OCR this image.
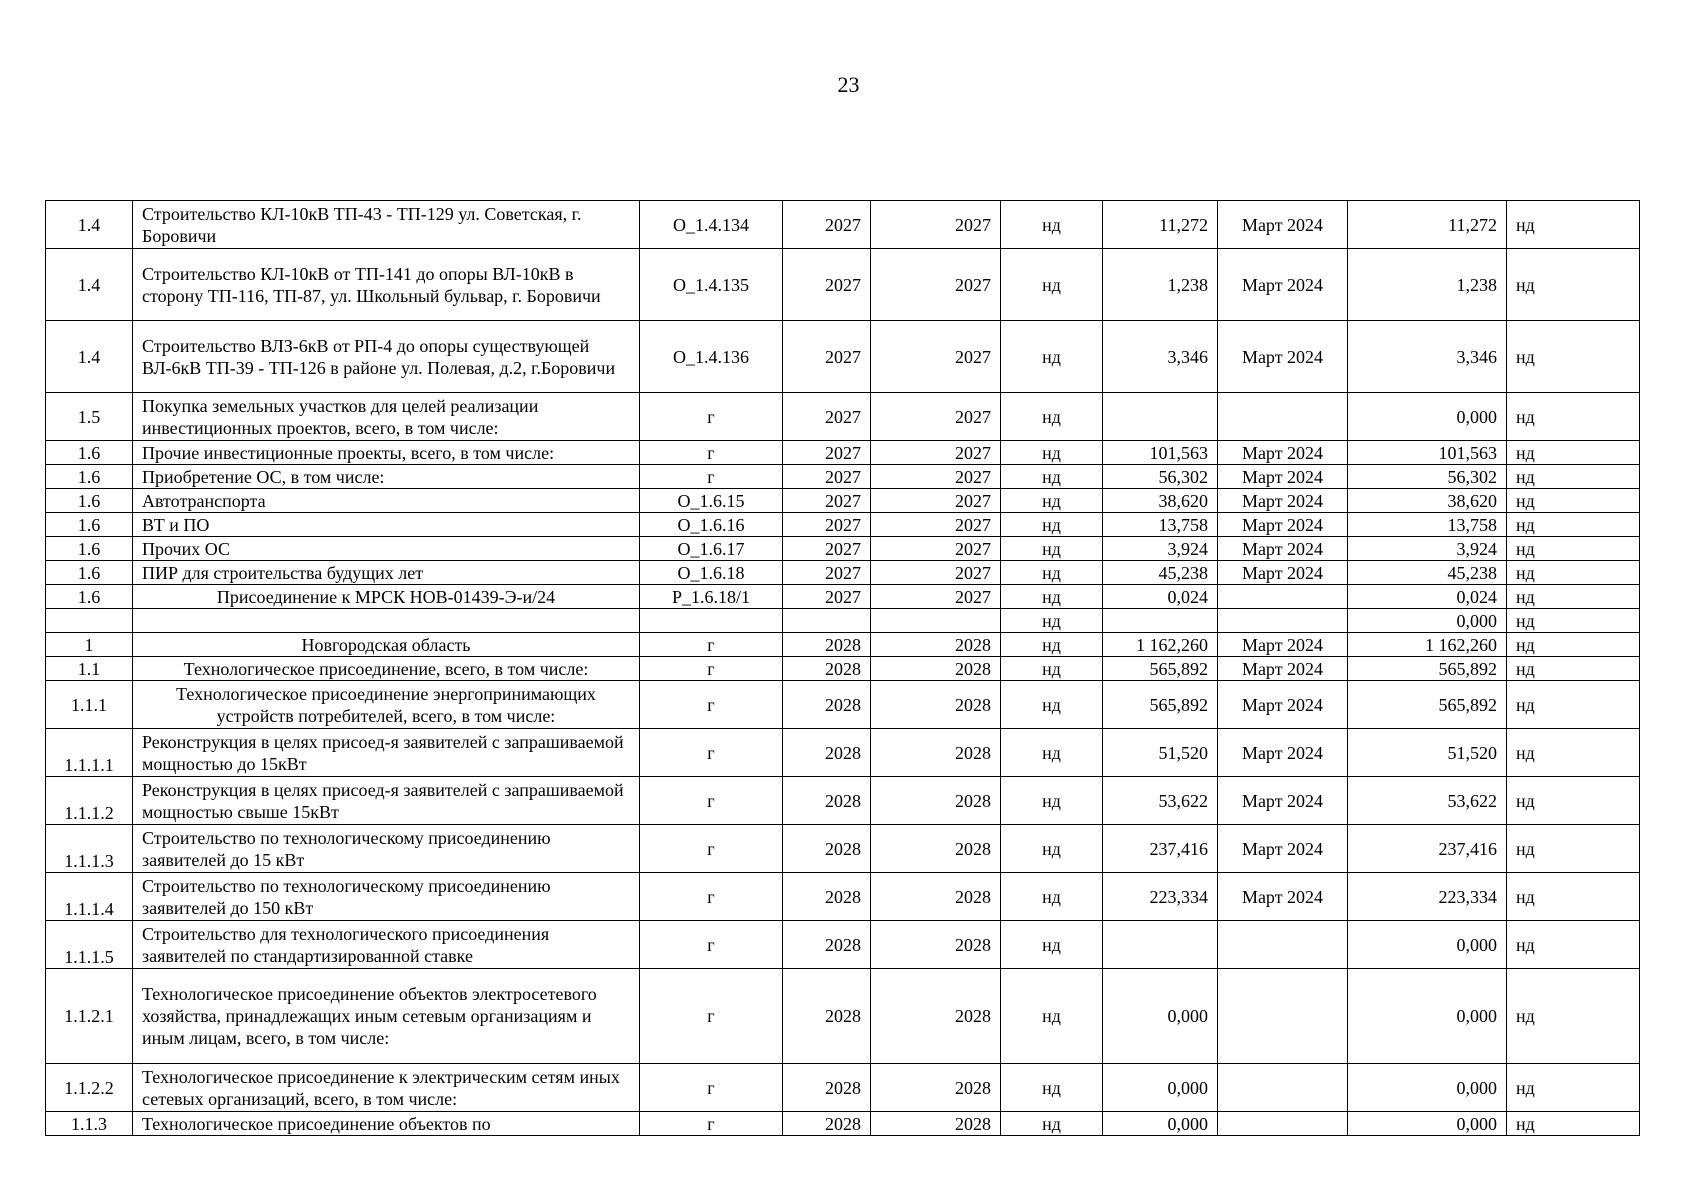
23
1.4	Строительство КЛ-10кВ ТП-43 - ТП-129 ул. Советская, г. Боровичи	О_1.4.134	2027	2027	нд	11,272	Март 2024	11,272	нд
1.4	Строительство КЛ-10кВ от ТП-141 до опоры ВЛ-10кВ в сторону ТП-116, ТП-87, ул. Школьный бульвар, г. Боровичи	О_1.4.135	2027	2027	нд	1,238	Март 2024	1,238	нд
1.4	Строительство ВЛЗ-6кВ от РП-4 до опоры существующей ВЛ-6кВ ТП-39 - ТП-126 в районе ул. Полевая, д.2, г.Боровичи	О_1.4.136	2027	2027	нд	3,346	Март 2024	3,346	нд
1.5	Покупка земельных участков для целей реализации инвестиционных проектов, всего, в том числе:	г	2027	2027	нд			0,000	нд
1.6	Прочие инвестиционные проекты, всего, в том числе:	г	2027	2027	нд	101,563	Март 2024	101,563	нд
1.6	Приобретение ОС, в том числе:	г	2027	2027	нд	56,302	Март 2024	56,302	нд
1.6	Автотранспорта	О_1.6.15	2027	2027	нд	38,620	Март 2024	38,620	нд
1.6	ВТ и ПО	О_1.6.16	2027	2027	нд	13,758	Март 2024	13,758	нд
1.6	Прочих ОС	О_1.6.17	2027	2027	нд	3,924	Март 2024	3,924	нд
1.6	ПИР для строительства будущих лет	О_1.6.18	2027	2027	нд	45,238	Март 2024	45,238	нд
1.6	Присоединение к МРСК НОВ-01439-Э-и/24	Р_1.6.18/1	2027	2027	нд	0,024		0,024	нд
					нд			0,000	нд
1	Новгородская область	г	2028	2028	нд	1 162,260	Март 2024	1 162,260	нд
1.1	Технологическое присоединение, всего, в том числе:	г	2028	2028	нд	565,892	Март 2024	565,892	нд
1.1.1	Технологическое присоединение энергопринимающих устройств потребителей, всего, в том числе:	г	2028	2028	нд	565,892	Март 2024	565,892	нд
1.1.1.1	Реконструкция в целях присоед-я заявителей с запрашиваемой мощностью до 15кВт	г	2028	2028	нд	51,520	Март 2024	51,520	нд
1.1.1.2	Реконструкция в целях присоед-я заявителей с запрашиваемой мощностью свыше 15кВт	г	2028	2028	нд	53,622	Март 2024	53,622	нд
1.1.1.3	Строительство по технологическому присоединению заявителей до 15 кВт	г	2028	2028	нд	237,416	Март 2024	237,416	нд
1.1.1.4	Строительство по технологическому присоединению заявителей до 150 кВт	г	2028	2028	нд	223,334	Март 2024	223,334	нд
1.1.1.5	Строительство для технологического присоединения заявителей по стандартизированной ставке	г	2028	2028	нд			0,000	нд
1.1.2.1	Технологическое присоединение объектов электросетевого хозяйства, принадлежащих иным сетевым организациям и иным лицам, всего, в том числе:	г	2028	2028	нд	0,000		0,000	нд
1.1.2.2	Технологическое присоединение к электрическим сетям иных сетевых организаций, всего, в том числе:	г	2028	2028	нд	0,000		0,000	нд
1.1.3	Технологическое присоединение объектов по	г	2028	2028	нд	0,000		0,000	нд
